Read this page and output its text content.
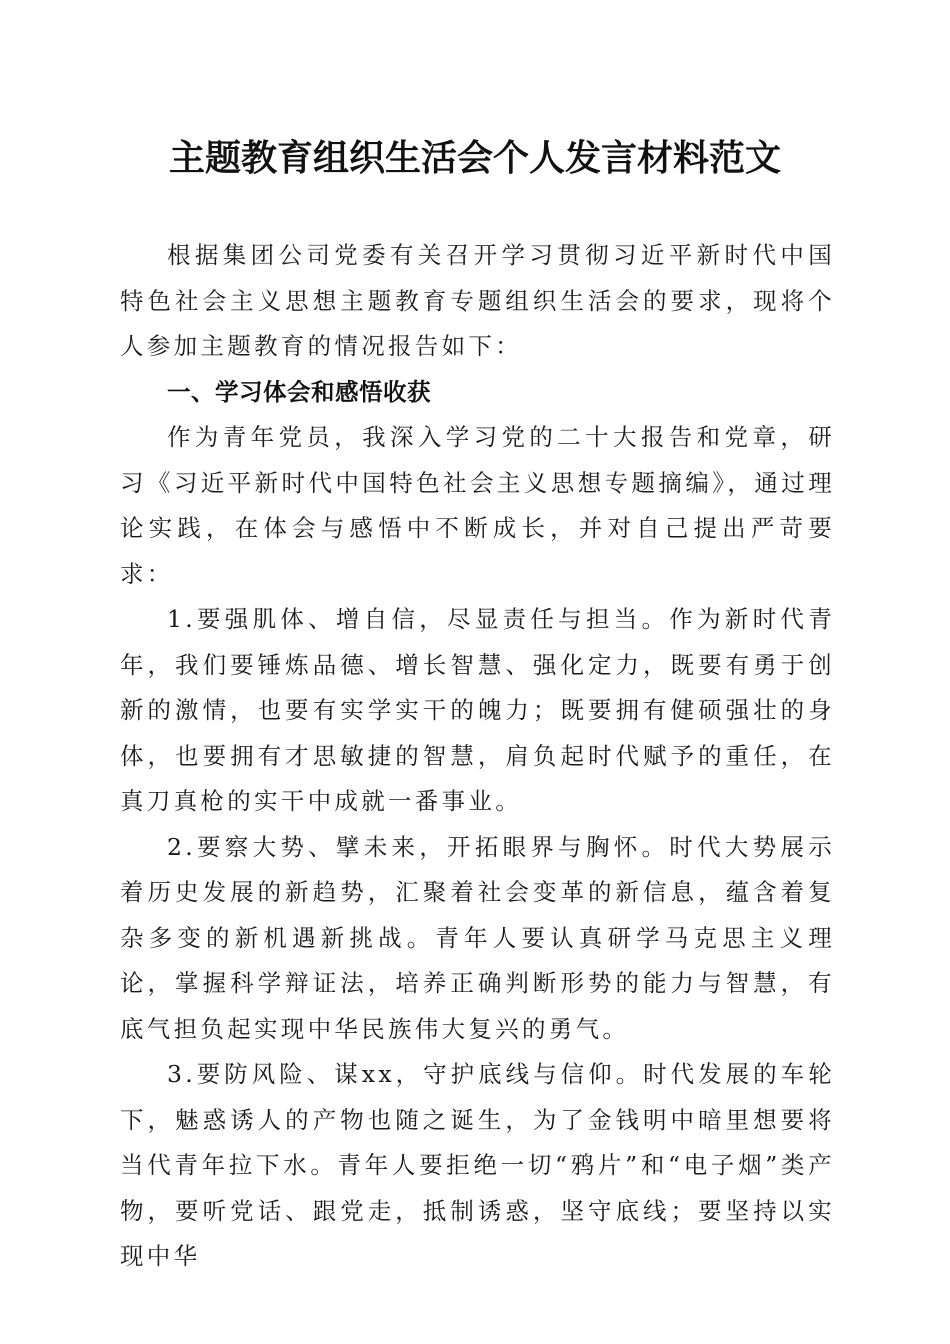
主题教育组织生活会个人发言材料范文

根据集团公司党委有关召开学习贯彻习近平新时代中国特色社会主义思想主题教育专题组织生活会的要求，现将个人参加主题教育的情况报告如下：

一、学习体会和感悟收获

作为青年党员，我深入学习党的二十大报告和党章，研习《习近平新时代中国特色社会主义思想专题摘编》，通过理论实践，在体会与感悟中不断成长，并对自己提出严苛要求：

1.要强肌体、增自信，尽显责任与担当。作为新时代青年，我们要锤炼品德、增长智慧、强化定力，既要有勇于创新的激情，也要有实学实干的魄力；既要拥有健硕强壮的身体，也要拥有才思敏捷的智慧，肩负起时代赋予的重任，在真刀真枪的实干中成就一番事业。

2.要察大势、擘未来，开拓眼界与胸怀。时代大势展示着历史发展的新趋势，汇聚着社会变革的新信息，蕴含着复杂多变的新机遇新挑战。青年人要认真研学马克思主义理论，掌握科学辩证法，培养正确判断形势的能力与智慧，有底气担负起实现中华民族伟大复兴的勇气。

3.要防风险、谋xx，守护底线与信仰。时代发展的车轮下，魅惑诱人的产物也随之诞生，为了金钱明中暗里想要将当代青年拉下水。青年人要拒绝一切“鸦片”和“电子烟”类产物，要听党话、跟党走，抵制诱惑，坚守底线；要坚持以实现中华
